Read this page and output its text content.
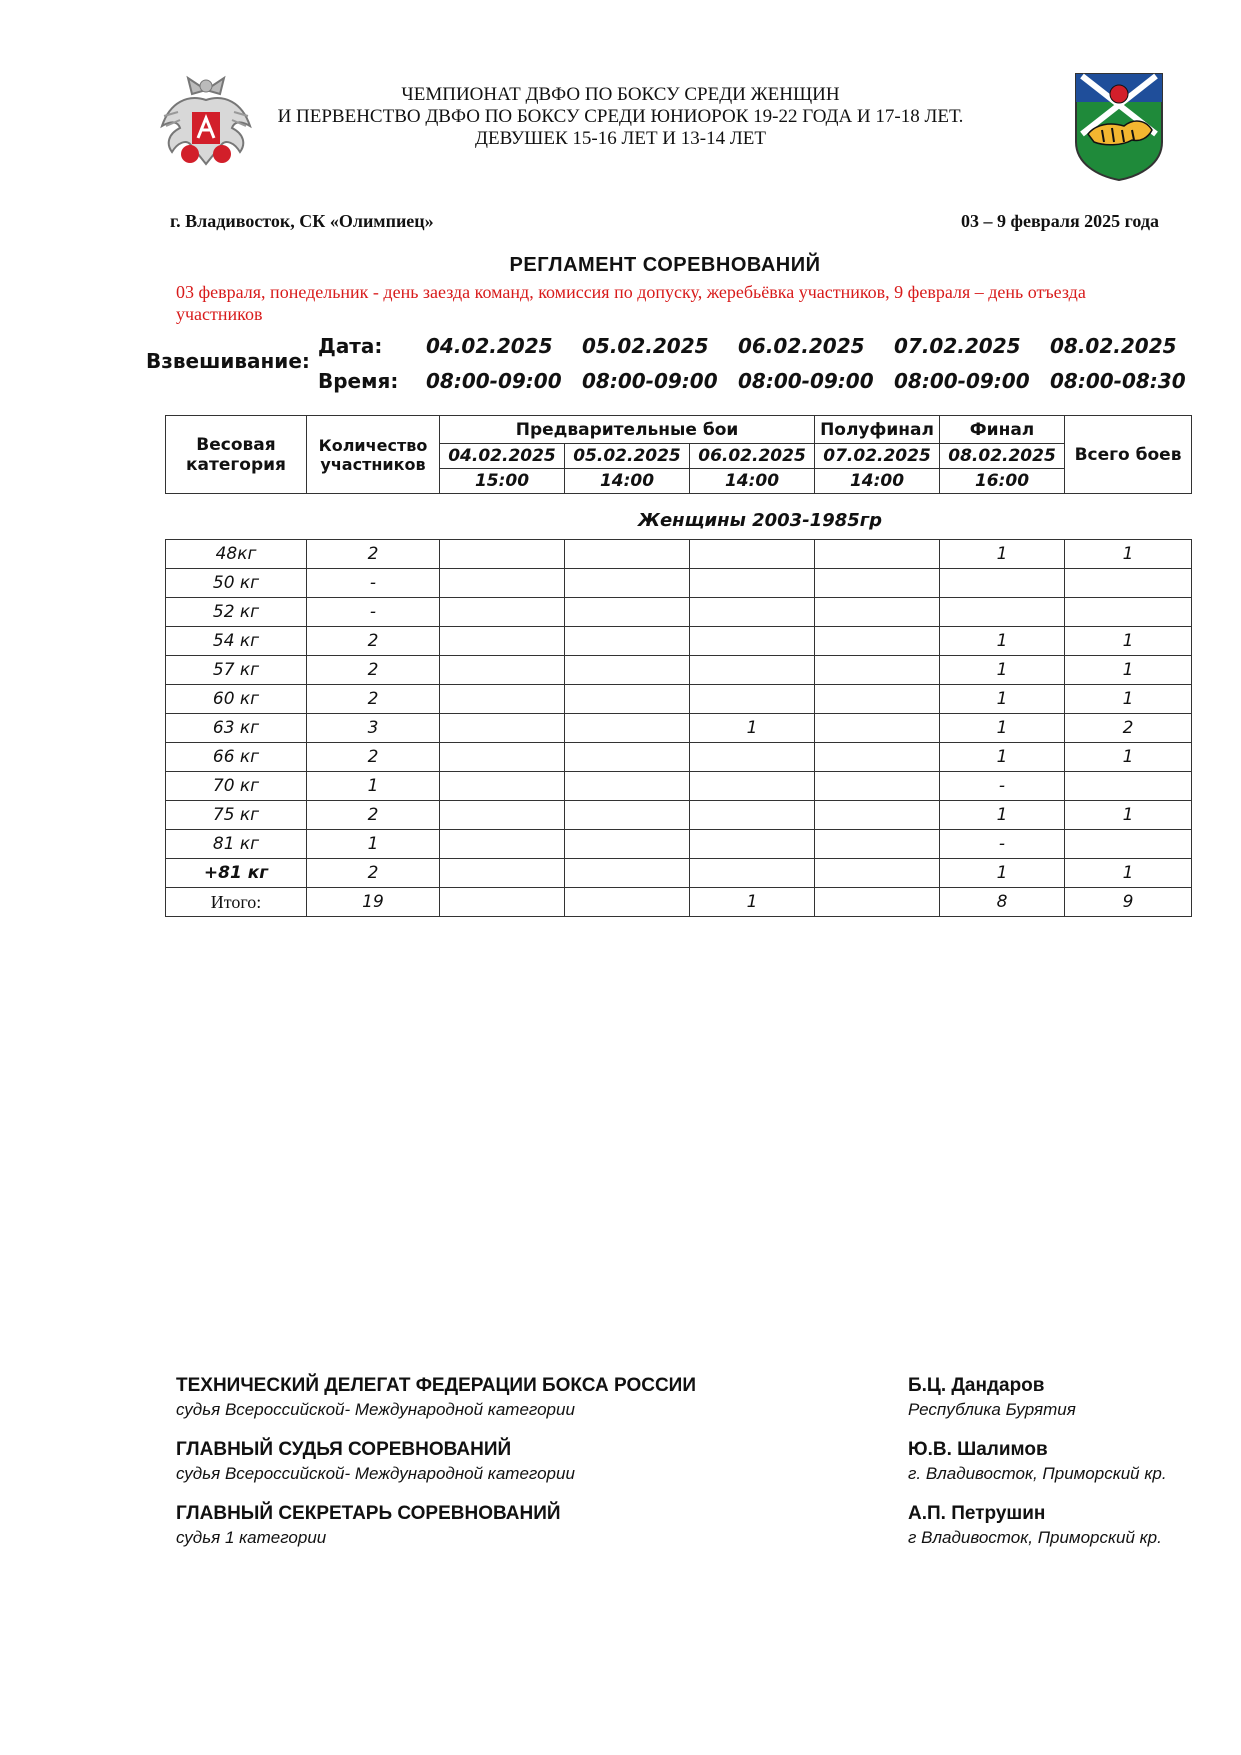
ЧЕМПИОНАТ ДВФО ПО БОКСУ СРЕДИ ЖЕНЩИН
И ПЕРВЕНСТВО ДВФО ПО БОКСУ СРЕДИ ЮНИОРОК 19-22 ГОДА И 17-18 ЛЕТ.
ДЕВУШЕК 15-16 ЛЕТ И 13-14 ЛЕТ
г. Владивосток, СК «Олимпиец»	03 – 9 февраля 2025 года
РЕГЛАМЕНТ СОРЕВНОВАНИЙ
03 февраля, понедельник - день заезда команд, комиссия по допуску, жеребьёвка участников, 9 февраля – день отъезда участников
Взвешивание:
Дата: 04.02.2025 05.02.2025 06.02.2025 07.02.2025 08.02.2025
Время: 08:00-09:00 08:00-09:00 08:00-09:00 08:00-09:00 08:00-08:30
Весовая категория	Количество участников	Предварительные бои			Полуфинал	Финал	Всего боев
		04.02.2025	05.02.2025	06.02.2025	07.02.2025	08.02.2025	
		15:00	14:00	14:00	14:00	16:00	
Женщины 2003-1985гр
48кг	2					1	1
50 кг	-						
52 кг	-						
54 кг	2					1	1
57 кг	2					1	1
60 кг	2					1	1
63 кг	3			1		1	2
66 кг	2					1	1
70 кг	1					-	
75 кг	2					1	1
81 кг	1					-	
+81 кг	2					1	1
Итого:	19			1		8	9
ТЕХНИЧЕСКИЙ ДЕЛЕГАТ ФЕДЕРАЦИИ БОКСА РОССИИ
судья Всероссийской- Международной категории
Б.Ц. Дандаров
Республика Бурятия
ГЛАВНЫЙ СУДЬЯ СОРЕВНОВАНИЙ
судья Всероссийской- Международной категории
Ю.В. Шалимов
г. Владивосток, Приморский кр.
ГЛАВНЫЙ СЕКРЕТАРЬ СОРЕВНОВАНИЙ
судья 1 категории
А.П. Петрушин
г Владивосток, Приморский кр.
